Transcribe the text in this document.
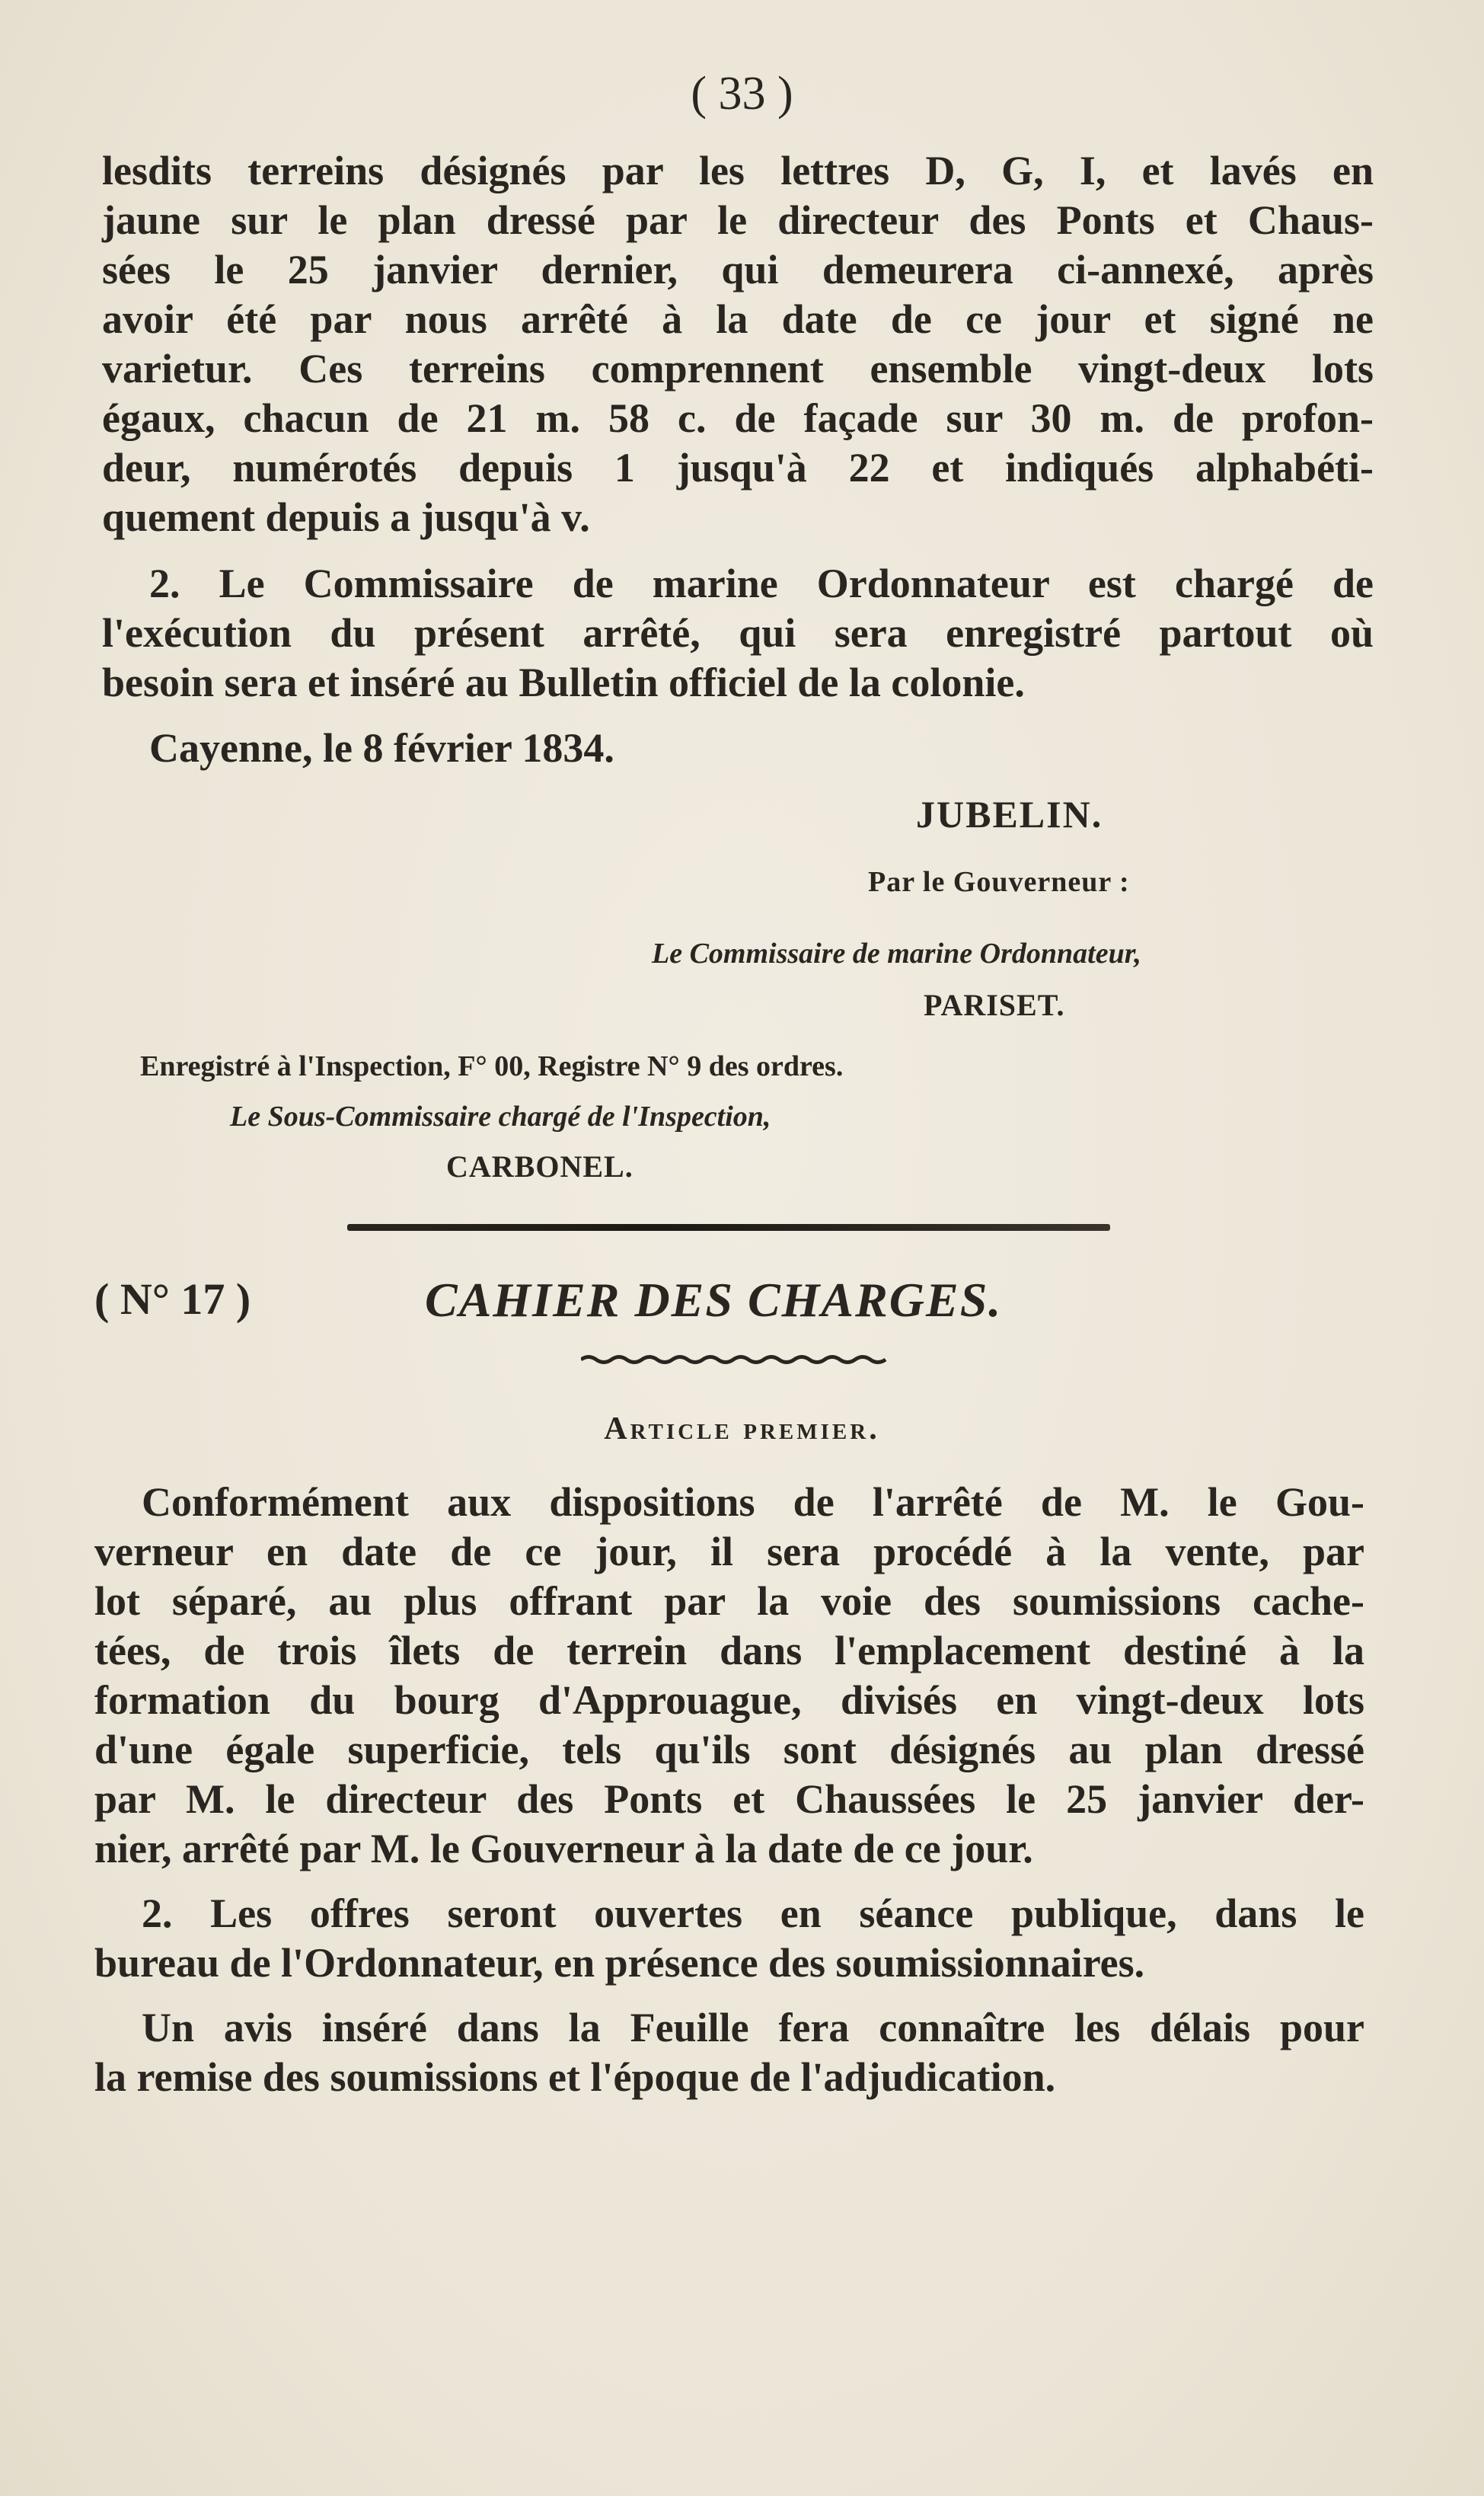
( 33 )
lesdits terreins désignés par les lettres D, G, I, et lavés en
jaune sur le plan dressé par le directeur des Ponts et Chaus-
sées le 25 janvier dernier, qui demeurera ci-annexé, après
avoir été par nous arrêté à la date de ce jour et signé ne
varietur. Ces terreins comprennent ensemble vingt-deux lots
égaux, chacun de 21 m. 58 c. de façade sur 30 m. de profon-
deur, numérotés depuis 1 jusqu'à 22 et indiqués alphabéti-
quement depuis a jusqu'à v.
2. Le Commissaire de marine Ordonnateur est chargé de
l'exécution du présent arrêté, qui sera enregistré partout où
besoin sera et inséré au Bulletin officiel de la colonie.
Cayenne, le 8 février 1834.
JUBELIN.
Par le Gouverneur :
Le Commissaire de marine Ordonnateur,
PARISET.
Enregistré à l'Inspection, F° 00, Registre N° 9 des ordres.
Le Sous-Commissaire chargé de l'Inspection,
CARBONEL.
( N° 17 )	CAHIER DES CHARGES.
Article premier.
Conformément aux dispositions de l'arrêté de M. le Gou-
verneur en date de ce jour, il sera procédé à la vente, par
lot séparé, au plus offrant par la voie des soumissions cache-
tées, de trois îlets de terrein dans l'emplacement destiné à la
formation du bourg d'Approuague, divisés en vingt-deux lots
d'une égale superficie, tels qu'ils sont désignés au plan dressé
par M. le directeur des Ponts et Chaussées le 25 janvier der-
nier, arrêté par M. le Gouverneur à la date de ce jour.
2. Les offres seront ouvertes en séance publique, dans le
bureau de l'Ordonnateur, en présence des soumissionnaires.
Un avis inséré dans la Feuille fera connaître les délais pour
la remise des soumissions et l'époque de l'adjudication.
